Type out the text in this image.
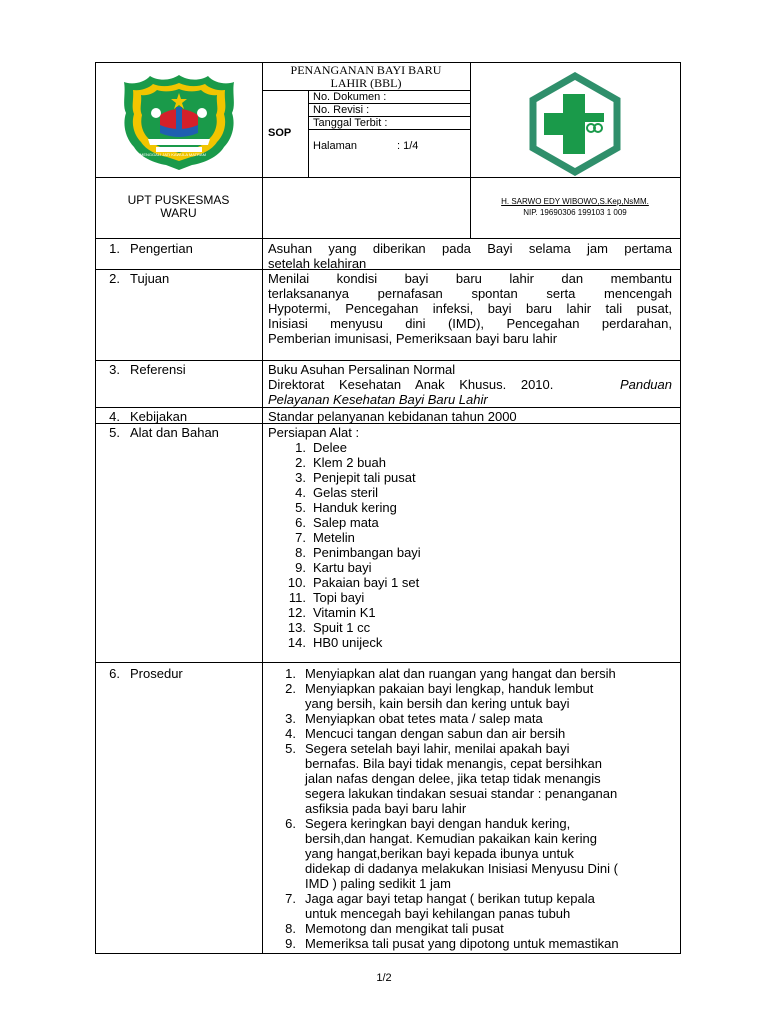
MENGGALI JATI KAWULA MATRAM
PENANGANAN BAYI BARU
LAHIR (BBL)
SOP
No. Dokumen :
No. Revisi :
Tanggal Terbit :
Halaman	: 1/4
UPT PUSKESMAS
WARU
H. SARWO EDY WIBOWO,S.Kep,NsMM.
NIP. 19690306 199103 1 009
1. Pengertian	Asuhan yang diberikan pada Bayi selama jam pertama
setelah kelahiran
2. Tujuan	Menilai kondisi bayi baru lahir dan membantu
terlaksananya pernafasan spontan serta mencengah
Hypotermi, Pencegahan infeksi, bayi baru lahir tali pusat,
Inisiasi menyusu dini (IMD), Pencegahan perdarahan,
Pemberian imunisasi, Pemeriksaan bayi baru lahir
3. Referensi	Buku Asuhan Persalinan Normal
Direktorat Kesehatan Anak Khusus. 2010.	Panduan
Pelayanan Kesehatan Bayi Baru Lahir
4. Kebijakan	Standar pelanyanan kebidanan tahun 2000
5. Alat dan Bahan	Persiapan Alat :
1. Delee
2. Klem 2 buah
3. Penjepit tali pusat
4. Gelas steril
5. Handuk kering
6. Salep mata
7. Metelin
8. Penimbangan bayi
9. Kartu bayi
10. Pakaian bayi 1 set
11. Topi bayi
12. Vitamin K1
13. Spuit 1 cc
14. HB0 unijeck
6. Prosedur	1. Menyiapkan alat dan ruangan yang hangat dan bersih
2. Menyiapkan pakaian bayi lengkap, handuk lembut
yang bersih, kain bersih dan kering untuk bayi
3. Menyiapkan obat tetes mata / salep mata
4. Mencuci tangan dengan sabun dan air bersih
5. Segera setelah bayi lahir, menilai apakah bayi
bernafas. Bila bayi tidak menangis, cepat bersihkan
jalan nafas dengan delee, jika tetap tidak menangis
segera lakukan tindakan sesuai standar : penanganan
asfiksia pada bayi baru lahir
6. Segera keringkan bayi dengan handuk kering,
bersih,dan hangat. Kemudian pakaikan kain kering
yang hangat,berikan bayi kepada ibunya untuk
didekap di dadanya melakukan Inisiasi Menyusu Dini (
IMD ) paling sedikit 1 jam
7. Jaga agar bayi tetap hangat ( berikan tutup kepala
untuk mencegah bayi kehilangan panas tubuh
8. Memotong dan mengikat tali pusat
9. Memeriksa tali pusat yang dipotong untuk memastikan
1/2
